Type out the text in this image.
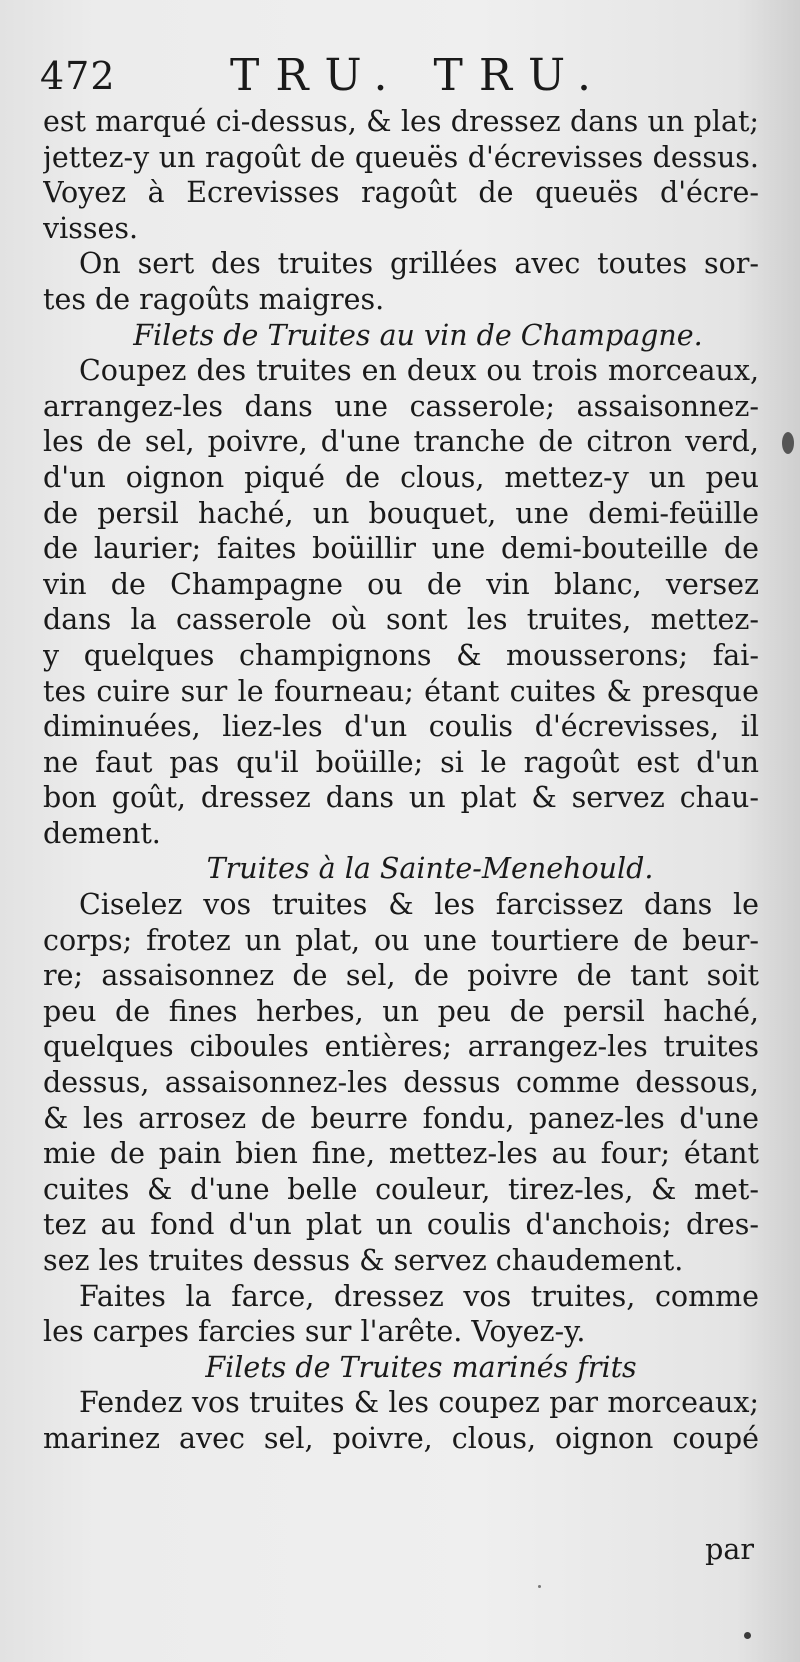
472	TRU. TRU.
est marqué ci-dessus, & les dressez dans un plat;
jettez-y un ragoût de queuës d'écrevisses dessus.
Voyez à Ecrevisses ragoût de queuës d'écre-
visses.
On sert des truites grillées avec toutes sor-
tes de ragoûts maigres.
Filets de Truites au vin de Champagne.
Coupez des truites en deux ou trois morceaux,
arrangez-les dans une casserole; assaisonnez-
les de sel, poivre, d'une tranche de citron verd,
d'un oignon piqué de clous, mettez-y un peu
de persil haché, un bouquet, une demi-feüille
de laurier; faites boüillir une demi-bouteille de
vin de Champagne ou de vin blanc, versez
dans la casserole où sont les truites, mettez-
y quelques champignons & mousserons; fai-
tes cuire sur le fourneau; étant cuites & presque
diminuées, liez-les d'un coulis d'écrevisses, il
ne faut pas qu'il boüille; si le ragoût est d'un
bon goût, dressez dans un plat & servez chau-
dement.
Truites à la Sainte-Menehould.
Ciselez vos truites & les farcissez dans le
corps; frotez un plat, ou une tourtiere de beur-
re; assaisonnez de sel, de poivre de tant soit
peu de fines herbes, un peu de persil haché,
quelques ciboules entières; arrangez-les truites
dessus, assaisonnez-les dessus comme dessous,
& les arrosez de beurre fondu, panez-les d'une
mie de pain bien fine, mettez-les au four; étant
cuites & d'une belle couleur, tirez-les, & met-
tez au fond d'un plat un coulis d'anchois; dres-
sez les truites dessus & servez chaudement.
Faites la farce, dressez vos truites, comme
les carpes farcies sur l'arête. Voyez-y.
Filets de Truites marinés frits
Fendez vos truites & les coupez par morceaux;
marinez avec sel, poivre, clous, oignon coupé
par
